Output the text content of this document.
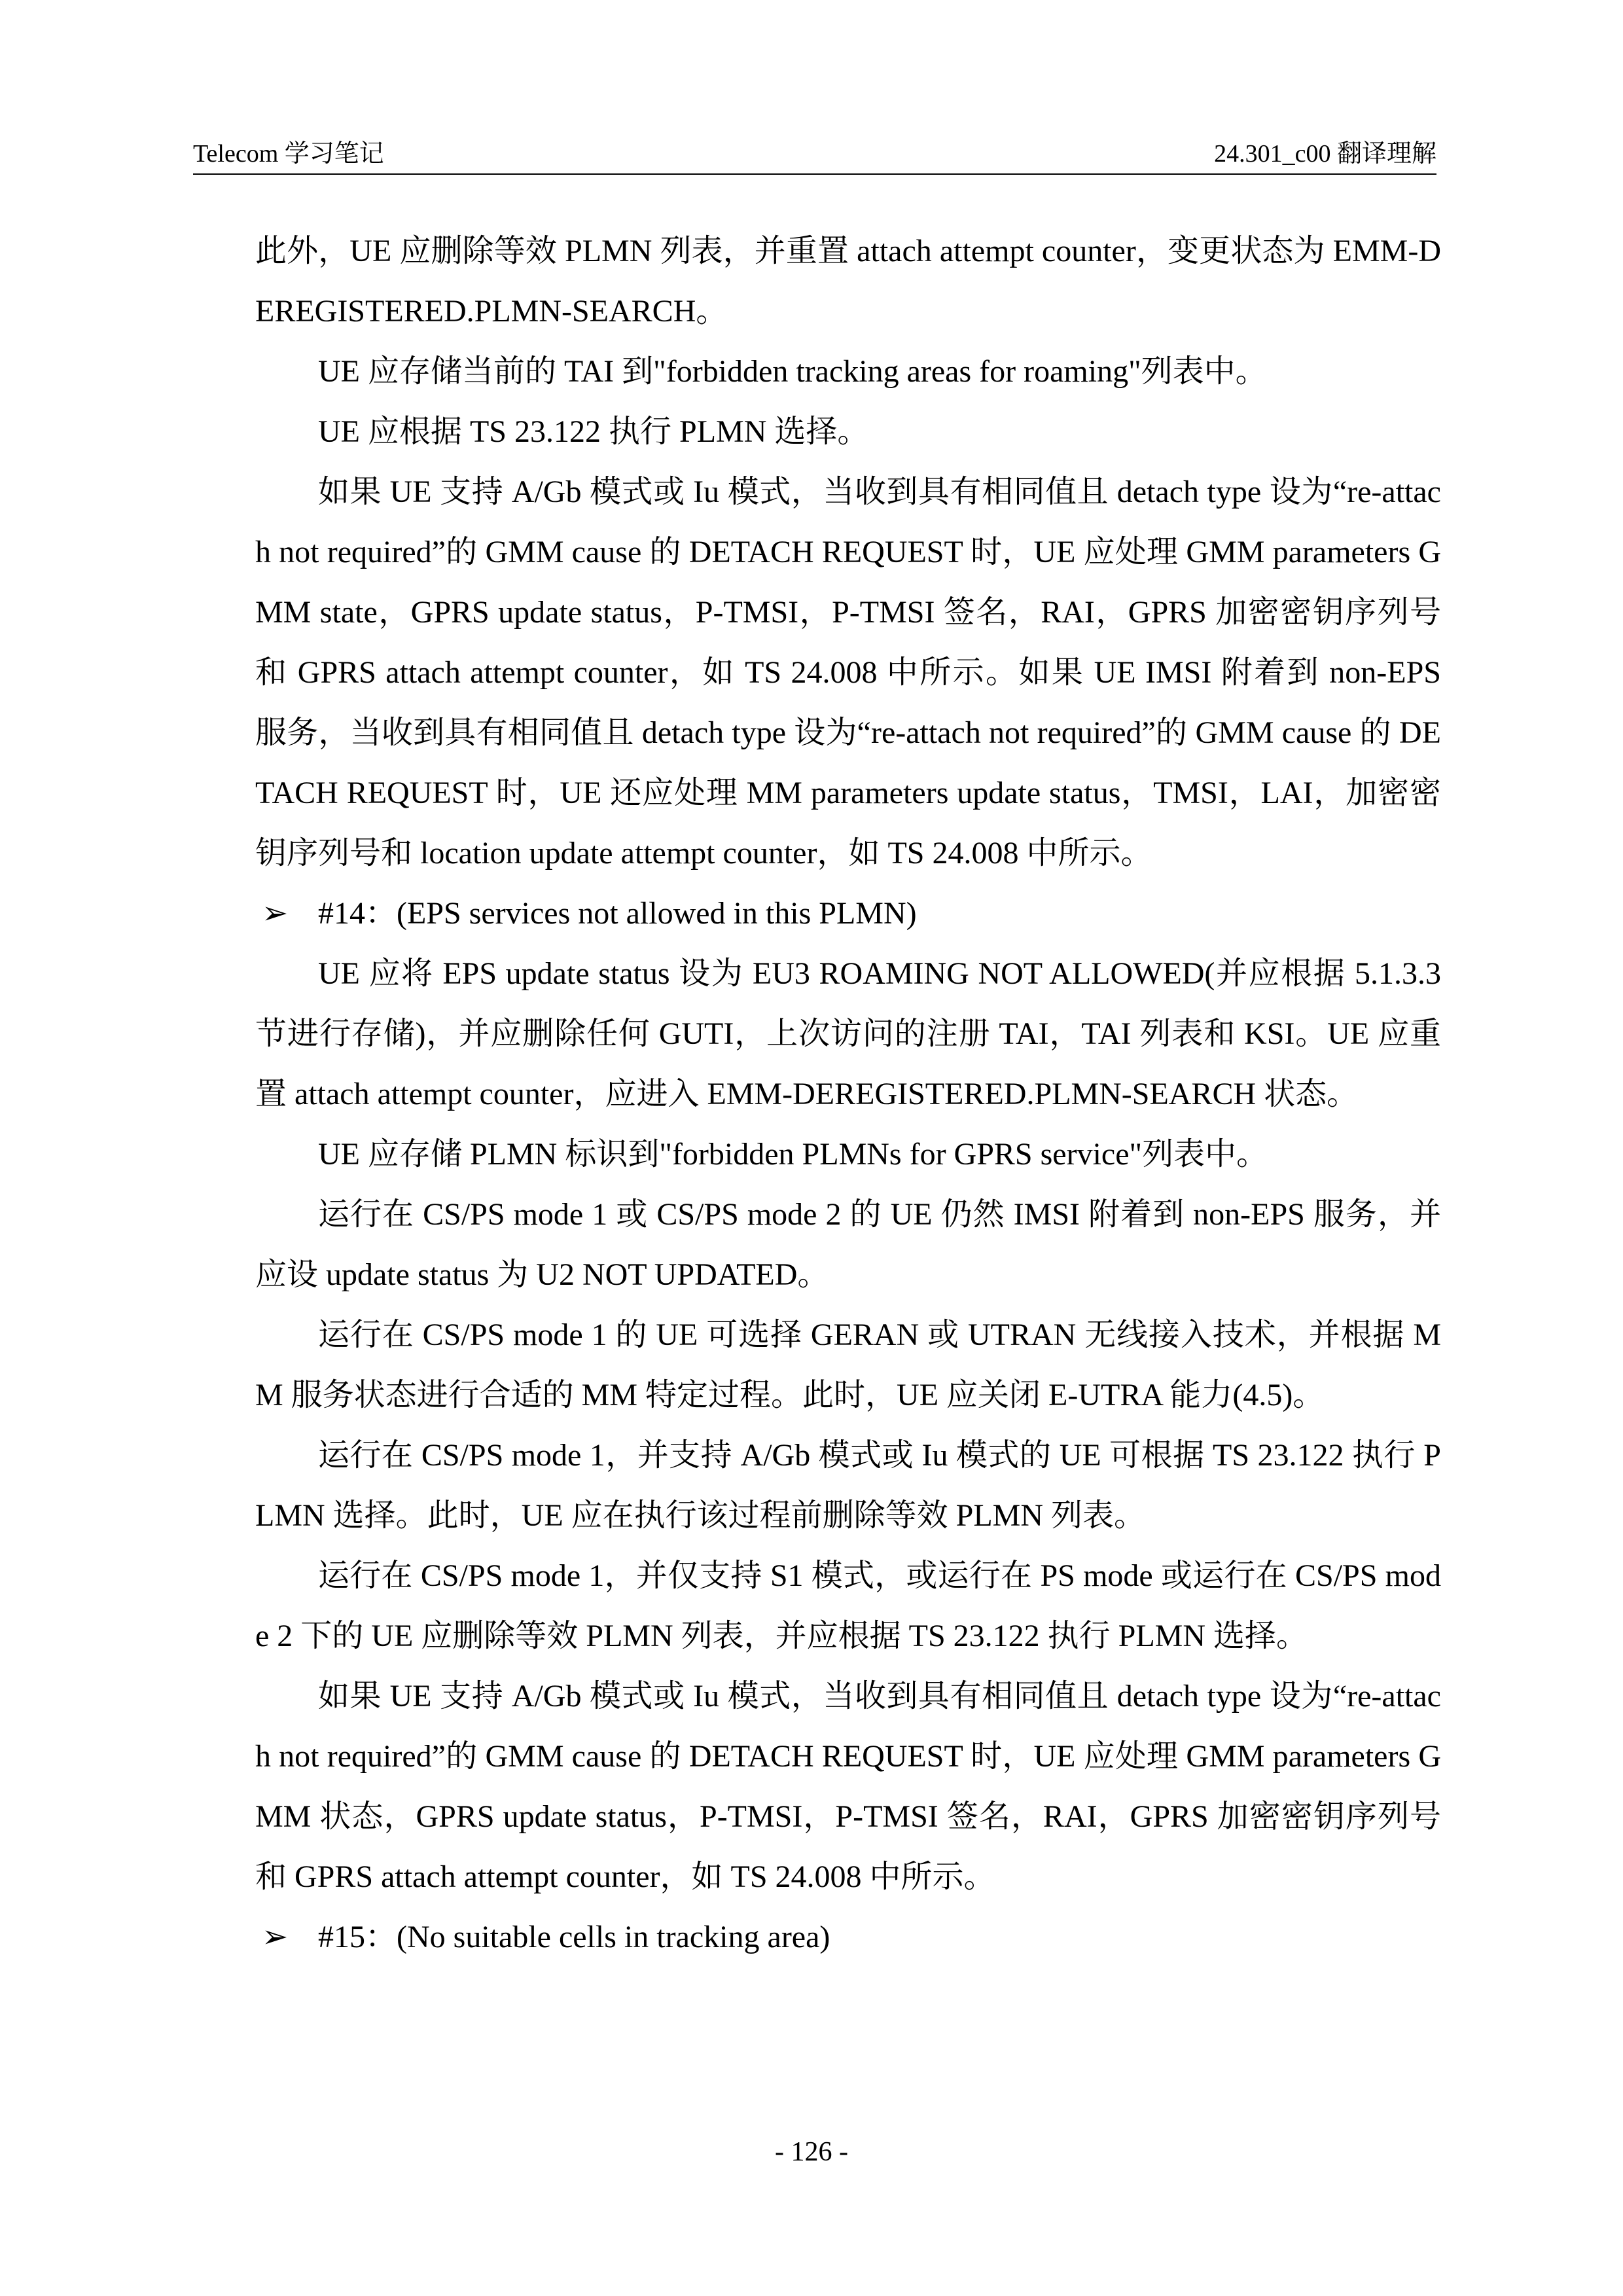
Telecom 学习笔记	24.301_c00 翻译理解

此外，UE 应删除等效 PLMN 列表，并重置 attach attempt counter，变更状态为 EMM-DEREGISTERED.PLMN-SEARCH。

UE 应存储当前的 TAI 到"forbidden tracking areas for roaming"列表中。

UE 应根据 TS 23.122 执行 PLMN 选择。

如果 UE 支持 A/Gb 模式或 Iu 模式，当收到具有相同值且 detach type 设为“re-attach not required”的 GMM cause 的 DETACH REQUEST 时，UE 应处理 GMM parameters GMM state，GPRS update status，P-TMSI，P-TMSI 签名，RAI，GPRS 加密密钥序列号和 GPRS attach attempt counter，如 TS 24.008 中所示。如果 UE IMSI 附着到 non-EPS 服务，当收到具有相同值且 detach type 设为“re-attach not required”的 GMM cause 的 DETACH REQUEST 时，UE 还应处理 MM parameters update status，TMSI，LAI，加密密钥序列号和 location update attempt counter，如 TS 24.008 中所示。

➢ #14：(EPS services not allowed in this PLMN)

UE 应将 EPS update status 设为 EU3 ROAMING NOT ALLOWED(并应根据 5.1.3.3 节进行存储)，并应删除任何 GUTI，上次访问的注册 TAI，TAI 列表和 KSI。UE 应重置 attach attempt counter，应进入 EMM-DEREGISTERED.PLMN-SEARCH 状态。

UE 应存储 PLMN 标识到"forbidden PLMNs for GPRS service"列表中。

运行在 CS/PS mode 1 或 CS/PS mode 2 的 UE 仍然 IMSI 附着到 non-EPS 服务，并应设 update status 为 U2 NOT UPDATED。

运行在 CS/PS mode 1 的 UE 可选择 GERAN 或 UTRAN 无线接入技术，并根据 MM 服务状态进行合适的 MM 特定过程。此时，UE 应关闭 E-UTRA 能力(4.5)。

运行在 CS/PS mode 1，并支持 A/Gb 模式或 Iu 模式的 UE 可根据 TS 23.122 执行 PLMN 选择。此时，UE 应在执行该过程前删除等效 PLMN 列表。

运行在 CS/PS mode 1，并仅支持 S1 模式，或运行在 PS mode 或运行在 CS/PS mode 2 下的 UE 应删除等效 PLMN 列表，并应根据 TS 23.122 执行 PLMN 选择。

如果 UE 支持 A/Gb 模式或 Iu 模式，当收到具有相同值且 detach type 设为“re-attach not required”的 GMM cause 的 DETACH REQUEST 时，UE 应处理 GMM parameters GMM 状态，GPRS update status，P-TMSI，P-TMSI 签名，RAI，GPRS 加密密钥序列号和 GPRS attach attempt counter，如 TS 24.008 中所示。

➢ #15：(No suitable cells in tracking area)

- 126 -
